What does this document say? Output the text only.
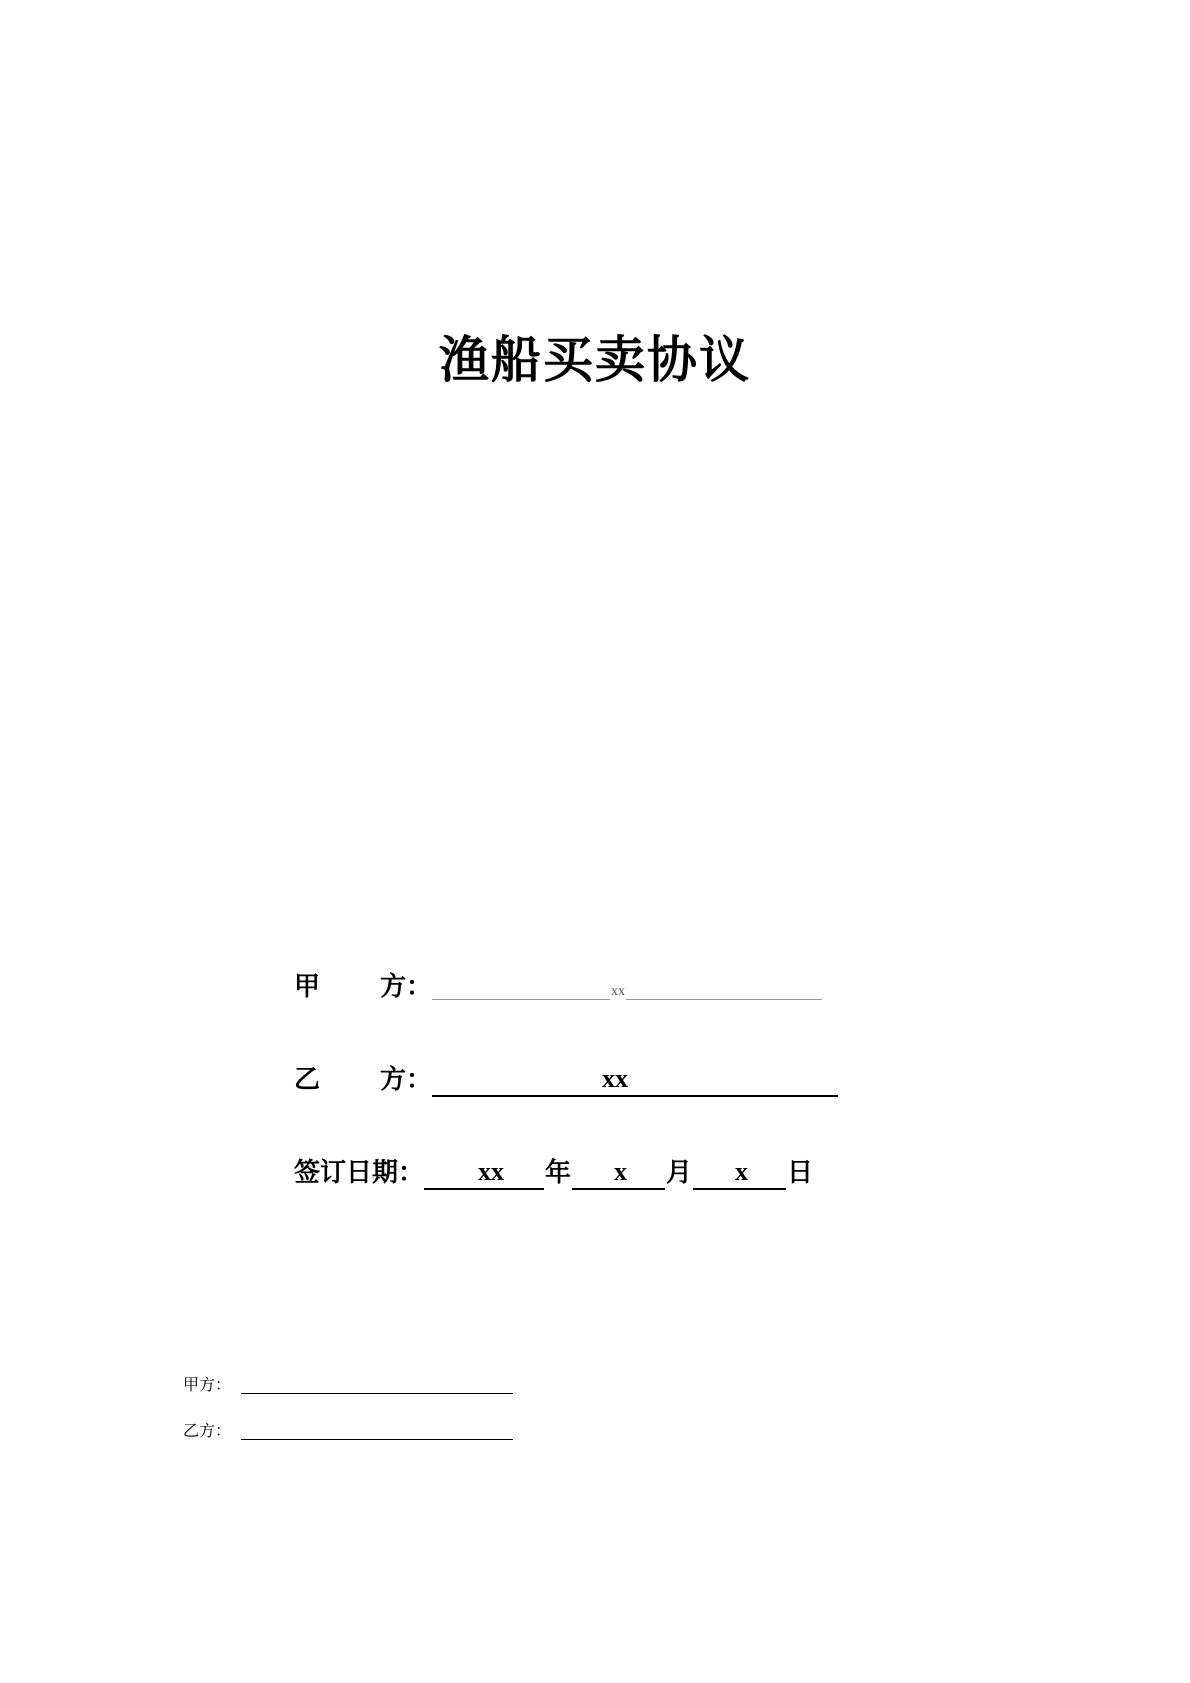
渔船买卖协议
甲 方 ：	xx
乙 方 ：	xx
签订日期： xx 年 x 月 x 日
甲方：
乙方：
